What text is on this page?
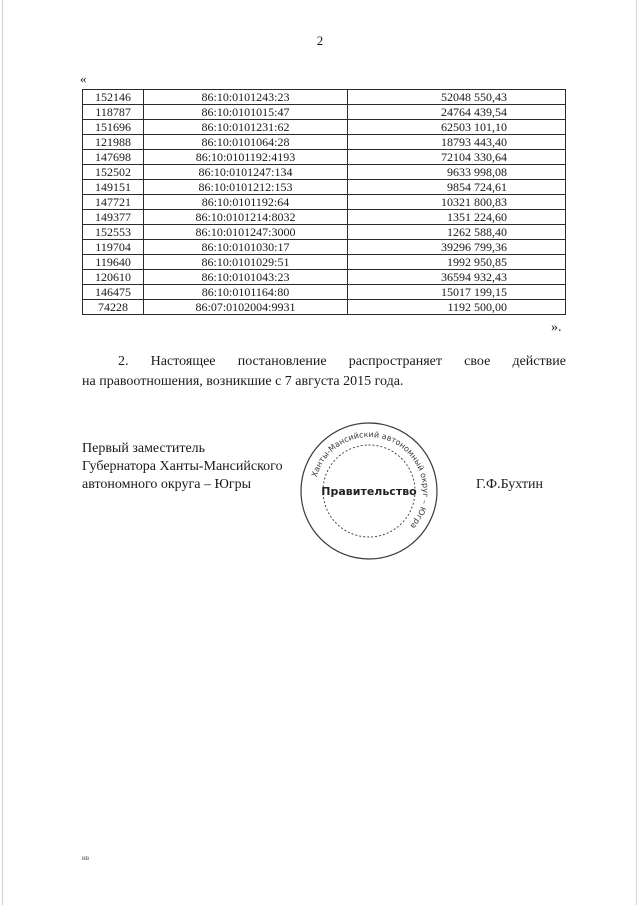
2
«
152146	86:10:0101243:23	52048 550,43
118787	86:10:0101015:47	24764 439,54
151696	86:10:0101231:62	62503 101,10
121988	86:10:0101064:28	18793 443,40
147698	86:10:0101192:4193	72104 330,64
152502	86:10:0101247:134	9633 998,08
149151	86:10:0101212:153	9854 724,61
147721	86:10:0101192:64	10321 800,83
149377	86:10:0101214:8032	1351 224,60
152553	86:10:0101247:3000	1262 588,40
119704	86:10:0101030:17	39296 799,36
119640	86:10:0101029:51	1992 950,85
120610	86:10:0101043:23	36594 932,43
146475	86:10:0101164:80	15017 199,15
74228	86:07:0102004:9931	1192 500,00
».
2. Настоящее постановление распространяет свое действие
на правоотношения, возникшие с 7 августа 2015 года.
Первый заместитель
Губернатора Ханты-Мансийского
автономного округа – Югры	Г.Ф.Бухтин
Ханты-Мансийский автономный округ – Югра
Правительство
ив
